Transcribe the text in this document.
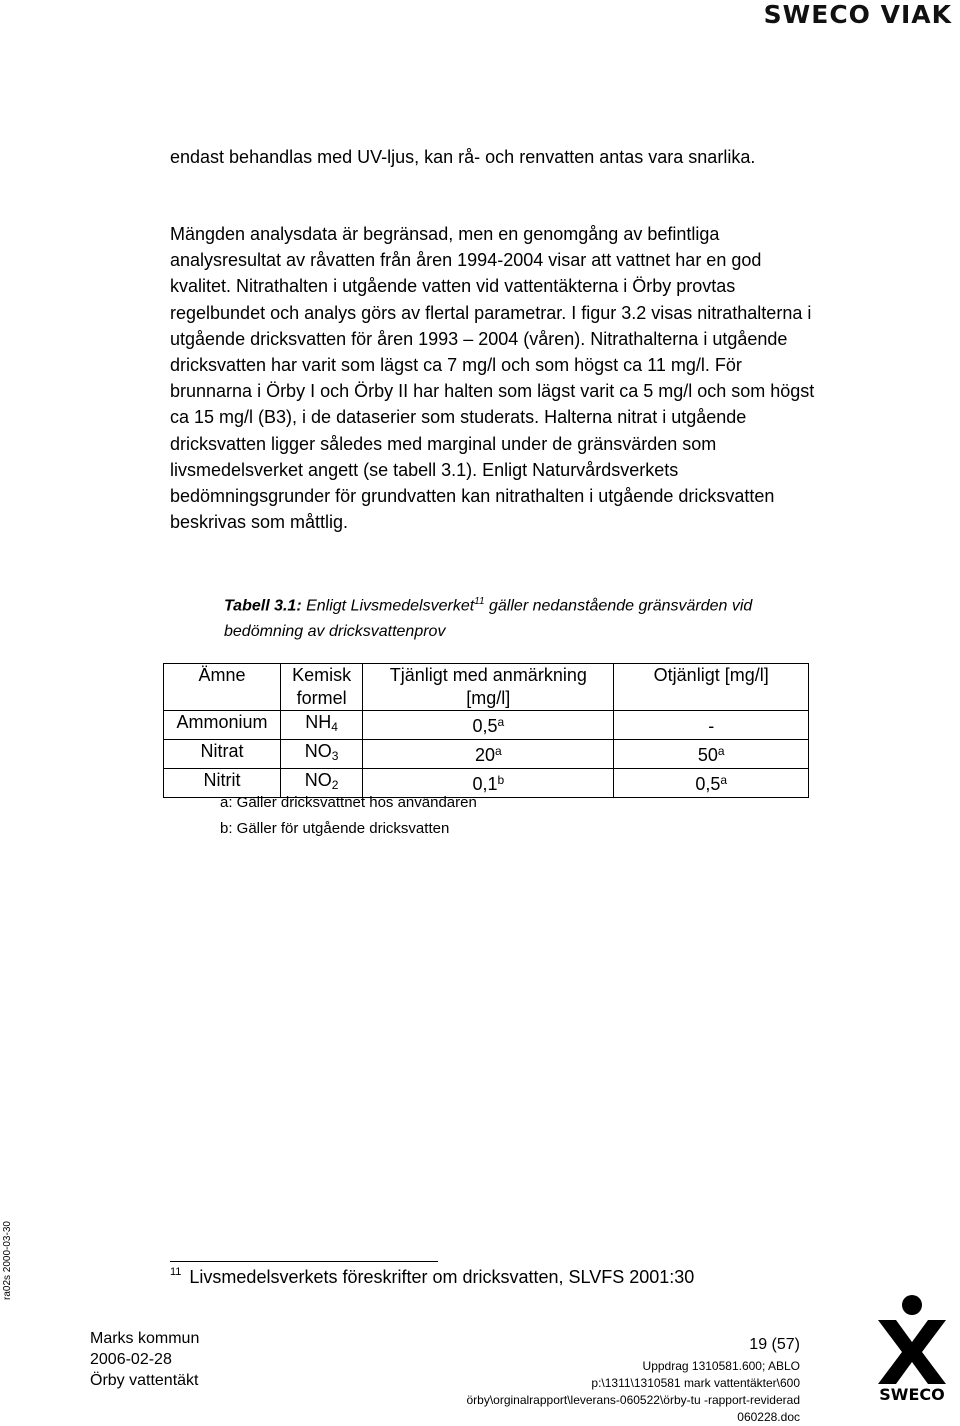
SWECO VIAK

endast behandlas med UV-ljus, kan rå- och renvatten antas vara snarlika.

Mängden analysdata är begränsad, men en genomgång av befintliga analysresultat av råvatten från åren 1994-2004 visar att vattnet har en god kvalitet. Nitrathalten i utgående vatten vid vattentäkterna i Örby provtas regelbundet och analys görs av flertal parametrar. I figur 3.2 visas nitrathalterna i utgående dricksvatten för åren 1993 – 2004 (våren). Nitrathalterna i utgående dricksvatten har varit som lägst ca 7 mg/l och som högst ca 11 mg/l. För brunnarna i Örby I och Örby II har halten som lägst varit ca 5 mg/l och som högst ca 15 mg/l (B3), i de dataserier som studerats. Halterna nitrat i utgående dricksvatten ligger således med marginal under de gränsvärden som livsmedelsverket angett (se tabell 3.1). Enligt Naturvårdsverkets bedömningsgrunder för grundvatten kan nitrathalten i utgående dricksvatten beskrivas som måttlig.

Tabell 3.1: Enligt Livsmedelsverket$^{11}$ gäller nedanstående gränsvärden vid bedömning av dricksvattenprov
Ämne	Kemisk formel	Tjänligt med anmärkning [mg/l]	Otjänligt [mg/l]
Ammonium	$NH_4$	0,5$^a$	-
Nitrat	$NO_3$	20$^a$	50$^a$
Nitrit	$NO_2$	0,1$^b$	0,5$^a$
a: Gäller dricksvattnet hos användaren
b: Gäller för utgående dricksvatten
$^{11}$ Livsmedelsverkets föreskrifter om dricksvatten, SLVFS 2001:30
ra02s 2000-03-30
Marks kommun
2006-02-28
Örby vattentäkt
19 (57)
Uppdrag 1310581.600; ABLO
p:\1311\1310581 mark vattentäkter\600
örby\orginalrapport\leverans-060522\örby-tu -rapport-reviderad
060228.doc
SWECO
